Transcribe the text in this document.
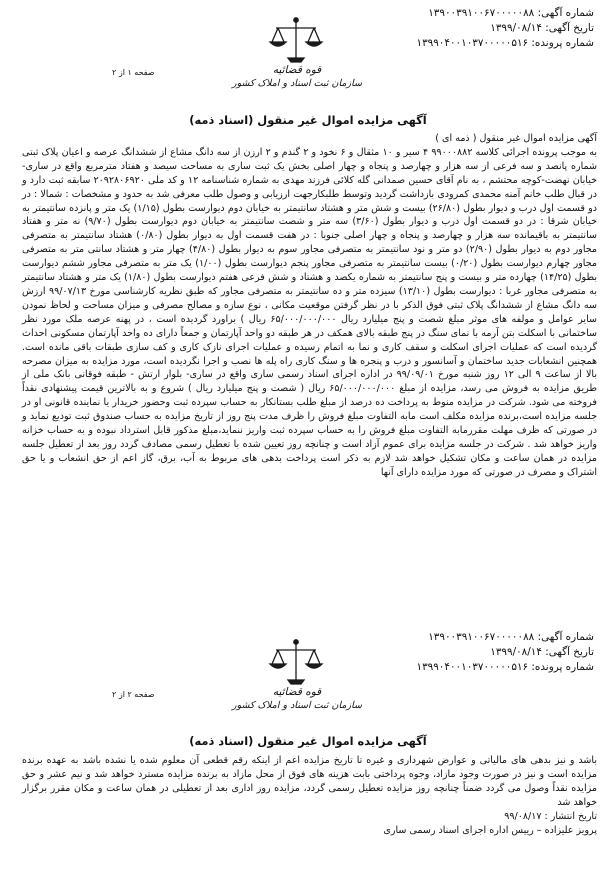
شماره آگهی: ۱۳۹۰۰۳۹۱۰۰۶۷۰۰۰۰۰۸۸
تاریخ آگهی: ۱۳۹۹/۰۸/۱۴
شماره پرونده: ۱۳۹۹۰۴۰۰۱۰۳۷۰۰۰۰۰۵۱۶
صفحه ۱ از ۲	قوه قضائیه
سازمان ثبت اسناد و املاک کشور
آگهی مزایده اموال غیر منقول (اسناد ذمه)

آگهی مزایده اموال غیر منقول ( ذمه ای )

به موجب پرونده اجرائی کلاسه ۹۹۰۰۰۸۸۲ ۴ سیر و ۱۰ مثقال و ۶ نخود و ۲ گندم و ۲ ارزن از سه دانگ مشاع از ششدانگ عرصه و اعیان پلاک ثبتی شماره پانصد و سه فرعی از سه هزار و چهارصد و پنجاه و چهار اصلی بخش یک ثبت ساری به مساحت سیصد و هفتاد مترمربع واقع در ساری-خیابان نهضت-کوچه محتشم ، به نام آقای حسین صمدانی گله کلائی فرزند مهدی به شماره شناسنامه ۱۲ و کد ملی ۲۰۹۲۸۰۶۹۲۰ سابقه ثبت دارد و در قبال طلب خانم آمنه محمدی کمرودی بازداشت گردید وتوسط طلبکارجهت ارزیابی و وصول طلب معرفی شد به حدود و مشخصات : شمالا : در دو قسمت اول درب و دیوار بطول (۲۶/۸۰) بیست و شش متر و هشتاد سانتیمتر به خیابان دوم دیوارست بطول (۱/۱۵) یک متر و پانزده سانتیمتر به خیابان شرقا : در دو قسمت اول درب و دیوار بطول (۳/۶۰) سه متر و شصت سانتیمتر به خیابان دوم دیوارست بطول (۹/۷۰) نه متر و هفتاد سانتیمتر به باقیمانده سه هزار و چهارصد و پنجاه و چهار اصلی جنوبا : در هفت قسمت اول به دیوار بطول (۰/۸۰) هشتاد سانتیمتر به متصرفی مجاور دوم به دیوار بطول (۲/۹۰) دو متر و نود سانتیمتر به متصرفی مجاور سوم به دیوار بطول (۴/۸۰) چهار متر و هشتاد سانتی متر به متصرفی مجاور چهارم دیوارست بطول (۰/۲۰) بیست سانتیمتر به متصرفی مجاور پنجم دیوارست بطول (۱/۰۰) یک متر به متصرفی مجاور ششم دیوارست بطول (۱۴/۲۵) چهارده متر و بیست و پنج سانتیمتر به شماره یکصد و هشتاد و شش فرعی هفتم دیوارست بطول (۱/۸۰) یک متر و هشتاد سانتیمتر به متصرفی مجاور غربا : دیوارست بطول (۱۳/۱۰) سیزده متر و ده سانتیمتر به متصرفی مجاور که طبق نظریه کارشناسی مورخ ۹۹/۰۷/۱۳ ارزش سه دانگ مشاع از ششدانگ پلاک ثبتی فوق الذکر با در نظر گرفتن موقعیت مکانی ، نوع سازه و مصالح مصرفی و میزان مساحت و لحاظ نمودن سایر عوامل و مولفه های موثر مبلغ شصت و پنج میلیارد ریال ۶۵/۰۰۰/۰۰۰/۰۰۰ ریال ) براورد گردیده است ، در پهنه عرصه ملک مورد نظر ساختمانی با اسکلت بتن آرمه با نمای سنگ در پنج طبقه بالای همکف در هر طبقه دو واحد آپارتمان و جمعاً دارای ده واحد آپارتمان مسکونی احداث گردیده است که عملیات اجرای اسکلت و سقف کاری و نما به اتمام رسیده و عملیات اجرای نازک کاری و کف سازی طبقات باقی مانده است. همچنین انشعابات جدید ساختمان و آسانسور و درب و پنجره ها و سنگ کاری راه پله ها نصب و اجرا نگردیده است، مورد مزایده به میزان مصرحه بالا از ساعت ۹ الی ۱۲ روز شنبه مورخ ۹۹/۰۹/۰۱ در اداره اجرای اسناد رسمی ساری واقع در ساری- بلوار ارتش - طبقه فوقانی بانک ملی از طریق مزایده به فروش می رسد، مزایده از مبلغ ۶۵/۰۰۰/۰۰۰/۰۰۰ ریال ( شصت و پنج میلیارد ریال ) شروع و به بالاترین قیمت پیشنهادی نقداً فروخته می شود. شرکت در مزایده منوط به پرداخت ده درصد از مبلغ طلب بستانکار به حساب سپرده ثبت وحضور خریدار یا نماینده قانونی او در جلسه مزایده است،برنده مزایده مکلف است مابه التفاوت مبلغ فروش را ظرف مدت پنج روز از تاریخ مزایده به حساب صندوق ثبت تودیع نماید و در صورتی که ظرف مهلت مقررمابه التفاوت مبلغ فروش را به حساب سپرده ثبت واریز ننماید،مبلغ مذکور قابل استرداد نبوده و به حساب خزانه واریز خواهد شد . شرکت در جلسه مزایده برای عموم آزاد است و چنانچه روز تعیین شده با تعطیل رسمی مصادف گردد روز بعد از تعطیل جلسه مزایده در همان ساعت و مکان تشکیل خواهد شد لازم به ذکر است پرداخت بدهی های مربوط به آب، برق، گاز اعم از حق انشعاب و یا حق اشتراک و مصرف در صورتی که مورد مزایده دارای آنها

شماره آگهی: ۱۳۹۰۰۳۹۱۰۰۶۷۰۰۰۰۰۸۸
تاریخ آگهی: ۱۳۹۹/۰۸/۱۴
شماره پرونده: ۱۳۹۹۰۴۰۰۱۰۳۷۰۰۰۰۰۵۱۶
صفحه ۲ از ۲	قوه قضائیه
سازمان ثبت اسناد و املاک کشور
آگهی مزایده اموال غیر منقول (اسناد ذمه)

باشد و نیز بدهی های مالیاتی و عوارض شهرداری و غیره تا تاریخ مزایده اعم از اینکه رقم قطعی آن معلوم شده یا نشده باشد به عهده برنده مزایده است و نیز در صورت وجود مازاد، وجوه پرداختی بابت هزینه های فوق از محل مازاد به برنده مزایده مسترد خواهد شد و نیم عشر و حق مزایده نقداً وصول می گردد ضمناً چنانچه روز مزایده تعطیل رسمی گردد، مزایده روز اداری بعد از تعطیلی در همان ساعت و مکان مقرر برگزار خواهد شد

تاریخ انتشار : ۹۹/۰۸/۱۷
پرویز علیزاده – رییس اداره اجرای اسناد رسمی ساری
